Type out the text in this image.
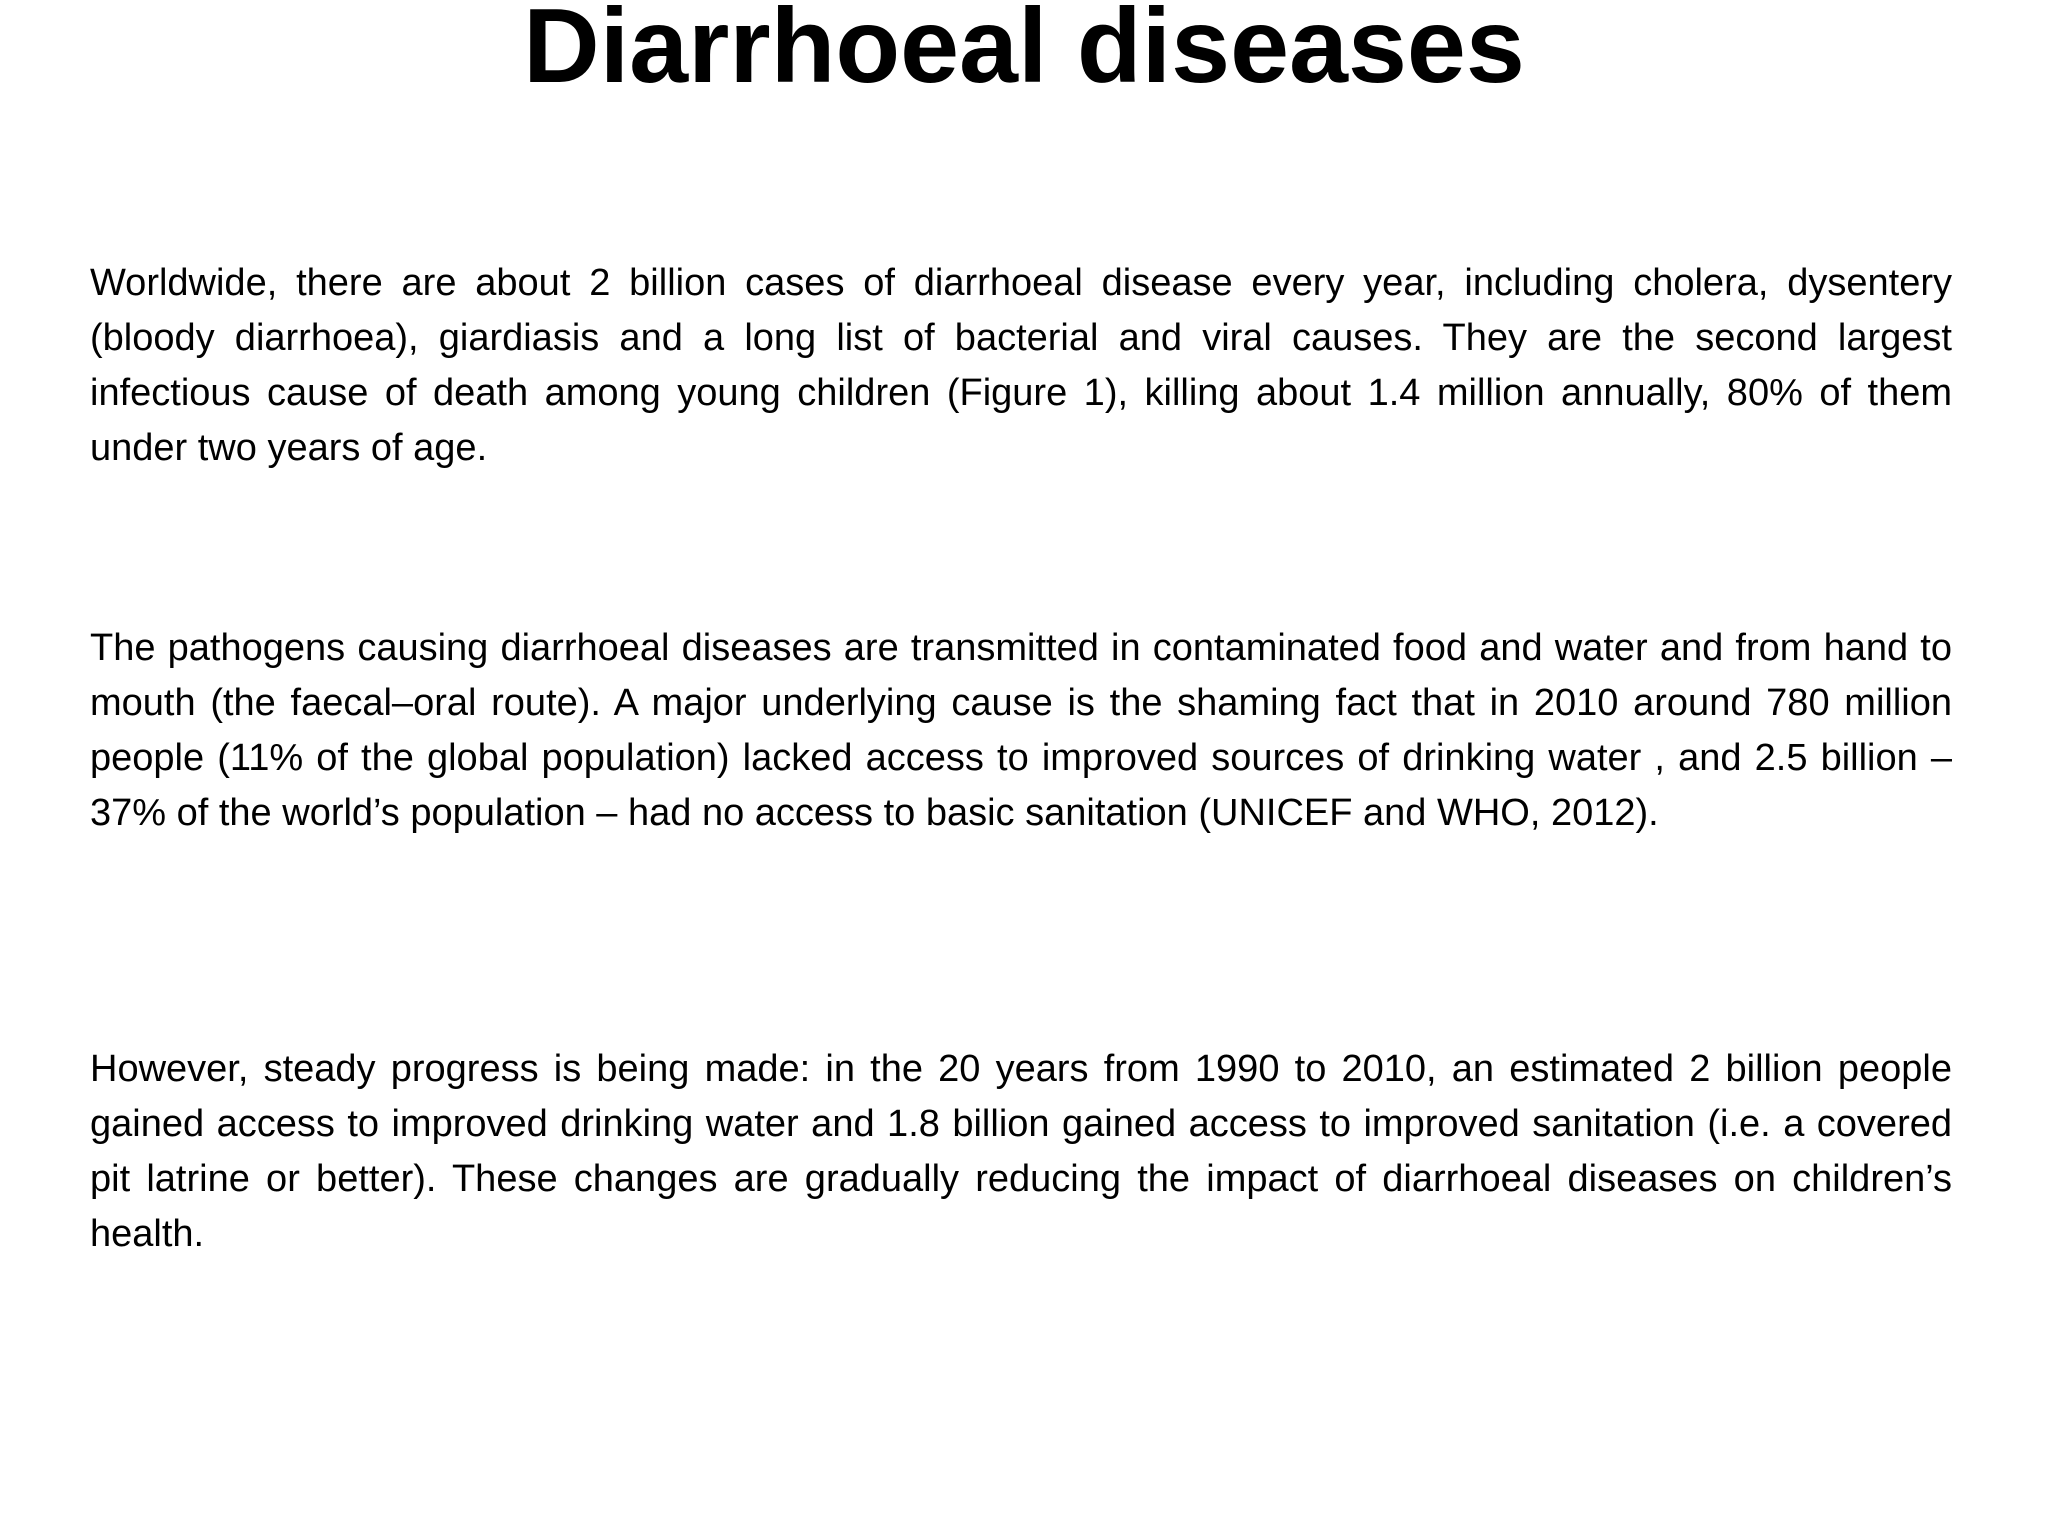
Diarrhoeal diseases

Worldwide, there are about 2 billion cases of diarrhoeal disease every year, including cholera, dysentery (bloody diarrhoea), giardiasis and a long list of bacterial and viral causes. They are the second largest infectious cause of death among young children (Figure 1), killing about 1.4 million annually, 80% of them under two years of age.

The pathogens causing diarrhoeal diseases are transmitted in contaminated food and water and from hand to mouth (the faecal–oral route). A major underlying cause is the shaming fact that in 2010 around 780 million people (11% of the global population) lacked access to improved sources of drinking water , and 2.5 billion – 37% of the world’s population – had no access to basic sanitation (UNICEF and WHO, 2012).

However, steady progress is being made: in the 20 years from 1990 to 2010, an estimated 2 billion people gained access to improved drinking water and 1.8 billion gained access to improved sanitation (i.e. a covered pit latrine or better). These changes are gradually reducing the impact of diarrhoeal diseases on children’s health.
